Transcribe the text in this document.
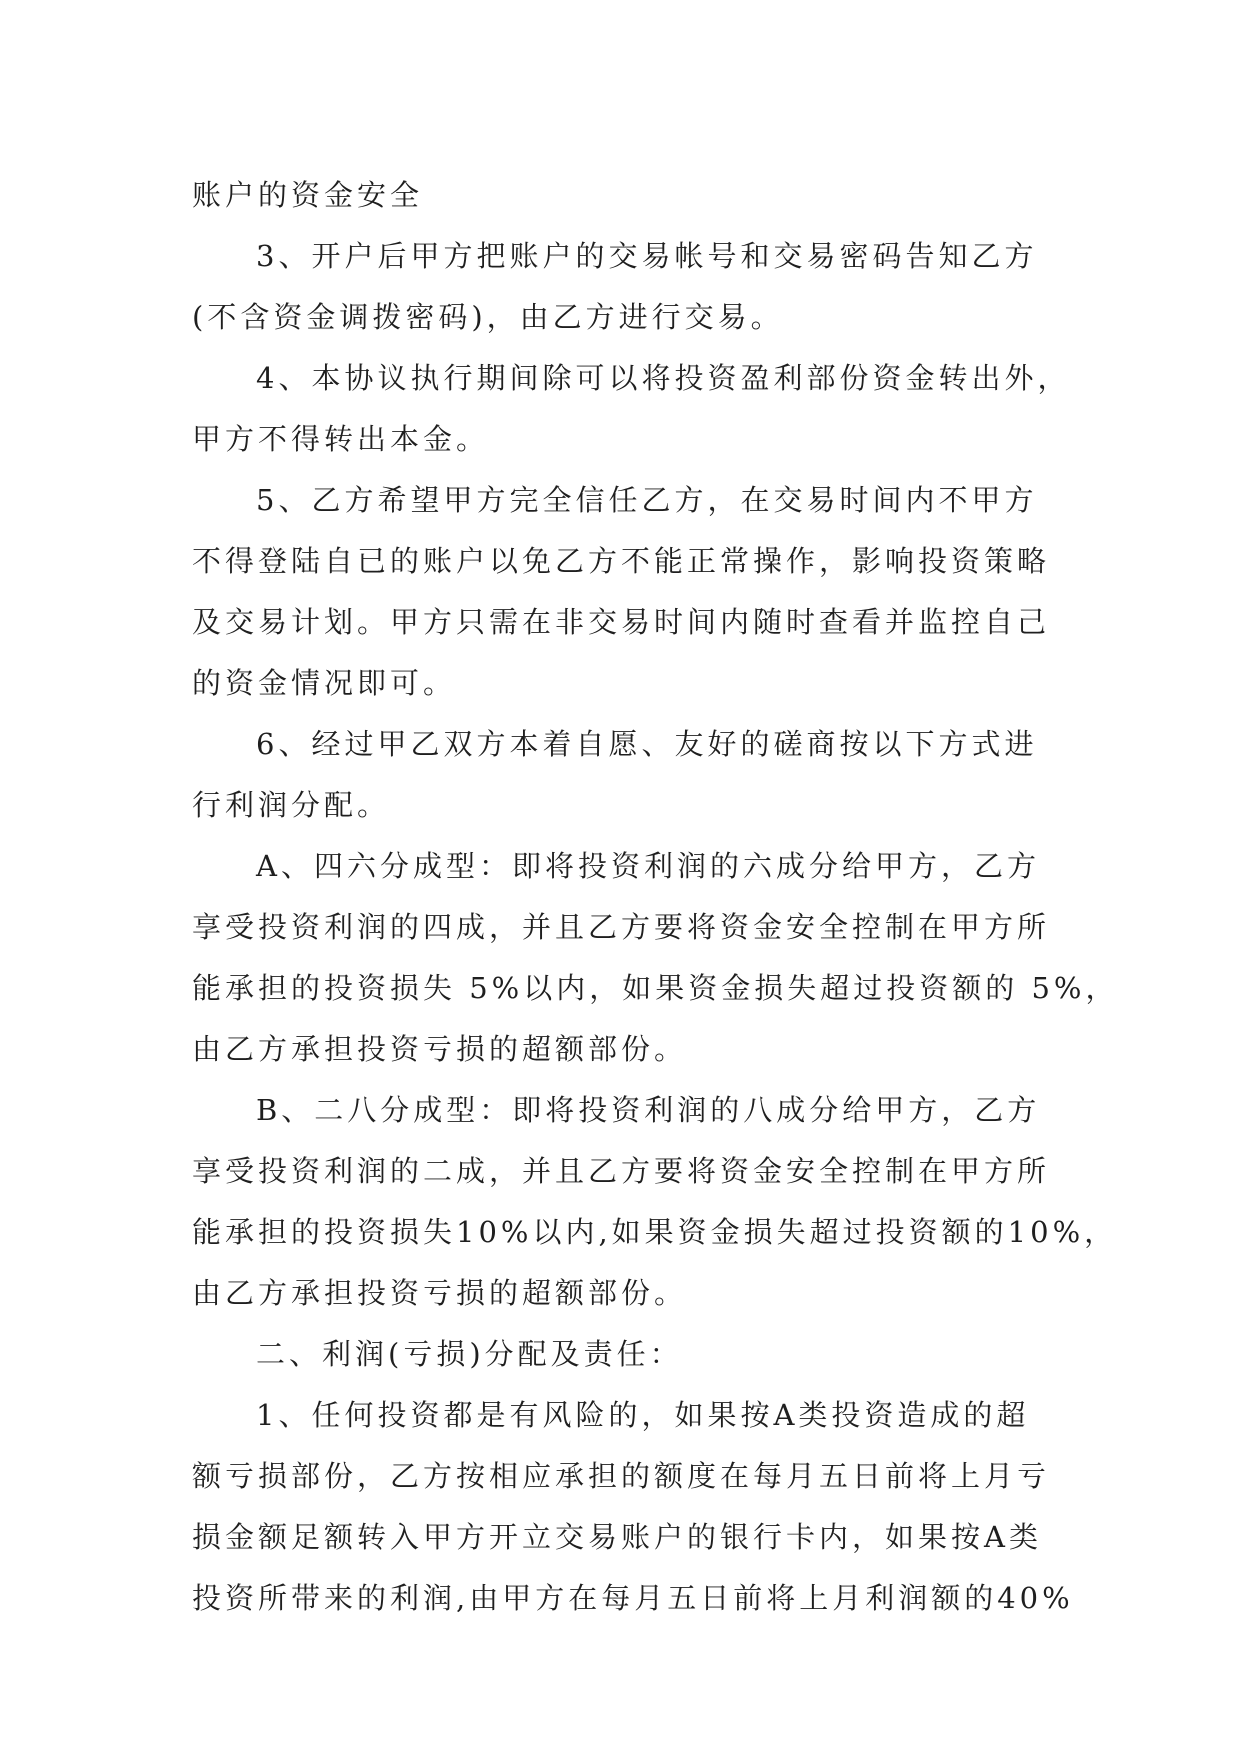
账户的资金安全

3、开户后甲方把账户的交易帐号和交易密码告知乙方
(不含资金调拨密码)，由乙方进行交易。

4、本协议执行期间除可以将投资盈利部份资金转出外，
甲方不得转出本金。

5、乙方希望甲方完全信任乙方，在交易时间内不甲方
不得登陆自已的账户以免乙方不能正常操作，影响投资策略
及交易计划。甲方只需在非交易时间内随时查看并监控自己
的资金情况即可。

6、经过甲乙双方本着自愿、友好的磋商按以下方式进
行利润分配。

A、四六分成型：即将投资利润的六成分给甲方，乙方
享受投资利润的四成，并且乙方要将资金安全控制在甲方所
能承担的投资损失 5%以内，如果资金损失超过投资额的 5%，
由乙方承担投资亏损的超额部份。

B、二八分成型：即将投资利润的八成分给甲方，乙方
享受投资利润的二成，并且乙方要将资金安全控制在甲方所
能承担的投资损失10%以内,如果资金损失超过投资额的10%，
由乙方承担投资亏损的超额部份。

二、利润(亏损)分配及责任：

1、任何投资都是有风险的，如果按A类投资造成的超
额亏损部份，乙方按相应承担的额度在每月五日前将上月亏
损金额足额转入甲方开立交易账户的银行卡内，如果按A类
投资所带来的利润,由甲方在每月五日前将上月利润额的40%
